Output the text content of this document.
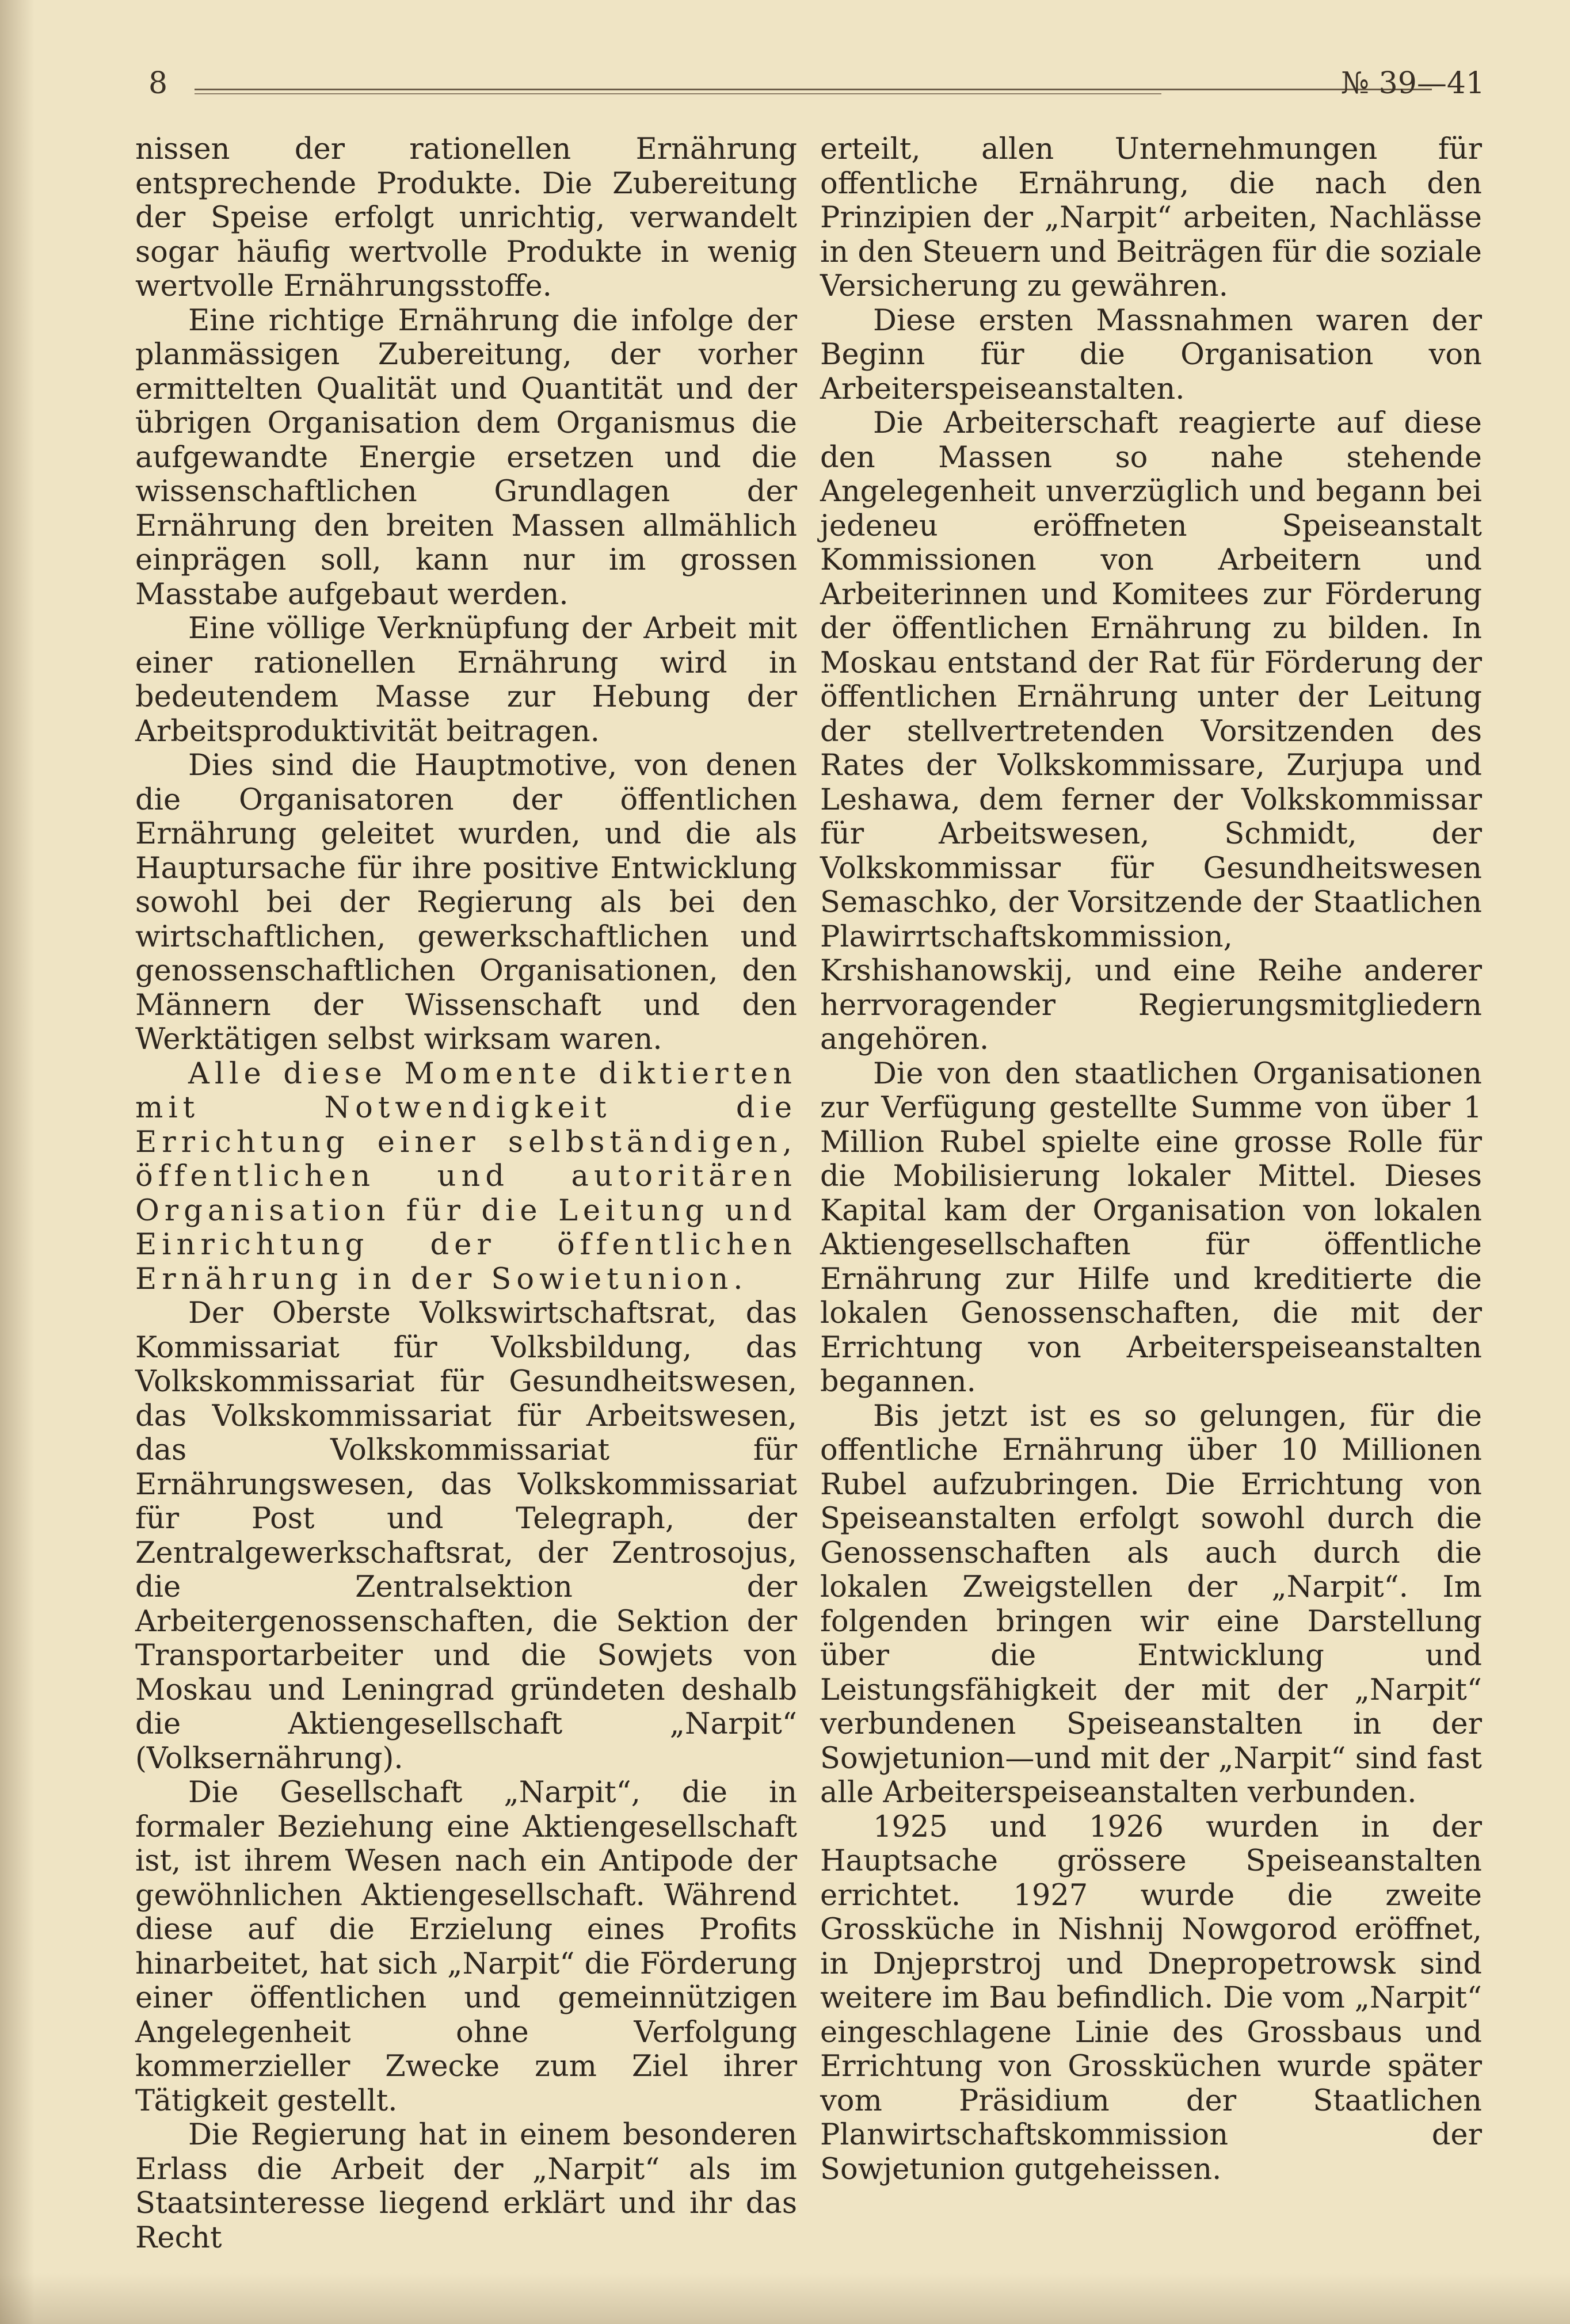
8	№ 39—41

nissen der rationellen Ernährung entsprechende Produkte. Die Zubereitung der Speise erfolgt unrichtig, verwandelt sogar häufig wertvolle Produkte in wenig wertvolle Ernährungsstoffe.

Eine richtige Ernährung die infolge der planmässigen Zubereitung, der vorher ermittelten Qualität und Quantität und der übrigen Organisation dem Organismus die aufgewandte Energie ersetzen und die wissenschaftlichen Grundlagen der Ernährung den breiten Massen allmählich einprägen soll, kann nur im grossen Masstabe aufgebaut werden.

Eine völlige Verknüpfung der Arbeit mit einer rationellen Ernährung wird in bedeutendem Masse zur Hebung der Arbeitsproduktivität beitragen.

Dies sind die Hauptmotive, von denen die Organisatoren der öffentlichen Ernährung geleitet wurden, und die als Hauptursache für ihre positive Entwicklung sowohl bei der Regierung als bei den wirtschaftlichen, gewerkschaftlichen und genossenschaftlichen Organisationen, den Männern der Wissenschaft und den Werktätigen selbst wirksam waren.

Alle diese Momente diktierten mit Notwendigkeit die Errichtung einer selbständigen, öffentlichen und autoritären Organisation für die Leitung und Einrichtung der öffentlichen Ernährung in der Sowietunion.

Der Oberste Volkswirtschaftsrat, das Kommissariat für Volksbildung, das Volkskommissariat für Gesundheitswesen, das Volkskommissariat für Arbeitswesen, das Volkskommissariat für Ernährungswesen, das Volkskommissariat für Post und Telegraph, der Zentralgewerkschaftsrat, der Zentrosojus, die Zentralsektion der Arbeitergenossenschaften, die Sektion der Transportarbeiter und die Sowjets von Moskau und Leningrad gründeten deshalb die Aktiengesellschaft „Narpit“ (Volksernährung).

Die Gesellschaft „Narpit“, die in formaler Beziehung eine Aktiengesellschaft ist, ist ihrem Wesen nach ein Antipode der gewöhnlichen Aktiengesellschaft. Während diese auf die Erzielung eines Profits hinarbeitet, hat sich „Narpit“ die Förderung einer öffentlichen und gemeinnützigen Angelegenheit ohne Verfolgung kommerzieller Zwecke zum Ziel ihrer Tätigkeit gestellt.

Die Regierung hat in einem besonderen Erlass die Arbeit der „Narpit“ als im Staatsinteresse liegend erklärt und ihr das Recht

erteilt, allen Unternehmungen für offentliche Ernährung, die nach den Prinzipien der „Narpit“ arbeiten, Nachlässe in den Steuern und Beiträgen für die soziale Versicherung zu gewähren.

Diese ersten Massnahmen waren der Beginn für die Organisation von Arbeiterspeiseanstalten.

Die Arbeiterschaft reagierte auf diese den Massen so nahe stehende Angelegenheit unverzüglich und begann bei jedeneu eröffneten Speiseanstalt Kommissionen von Arbeitern und Arbeiterinnen und Komitees zur Förderung der öffentlichen Ernährung zu bilden. In Moskau entstand der Rat für Förderung der öffentlichen Ernährung unter der Leitung der stellvertretenden Vorsitzenden des Rates der Volkskommissare, Zurjupa und Leshawa, dem ferner der Volkskommissar für Arbeitswesen, Schmidt, der Volkskommissar für Gesundheitswesen Semaschko, der Vorsitzende der Staatlichen Plawirrtschaftskommission, Krshishanowskij, und eine Reihe anderer herrvoragender Regierungsmitgliedern angehören.

Die von den staatlichen Organisationen zur Verfügung gestellte Summe von über 1 Million Rubel spielte eine grosse Rolle für die Mobilisierung lokaler Mittel. Dieses Kapital kam der Organisation von lokalen Aktiengesellschaften für öffentliche Ernährung zur Hilfe und kreditierte die lokalen Genossenschaften, die mit der Errichtung von Arbeiterspeiseanstalten begannen.

Bis jetzt ist es so gelungen, für die offentliche Ernährung über 10 Millionen Rubel aufzubringen. Die Errichtung von Speiseanstalten erfolgt sowohl durch die Genossenschaften als auch durch die lokalen Zweigstellen der „Narpit“. Im folgenden bringen wir eine Darstellung über die Entwicklung und Leistungsfähigkeit der mit der „Narpit“ verbundenen Speiseanstalten in der Sowjetunion—und mit der „Narpit“ sind fast alle Arbeiterspeiseanstalten verbunden.

1925 und 1926 wurden in der Hauptsache grössere Speiseanstalten errichtet. 1927 wurde die zweite Grossküche in Nishnij Nowgorod eröffnet, in Dnjeprstroj und Dnepropetrowsk sind weitere im Bau befindlich. Die vom „Narpit“ eingeschlagene Linie des Grossbaus und Errichtung von Grossküchen wurde später vom Präsidium der Staatlichen Planwirtschaftskommission der Sowjetunion gutgeheissen.
